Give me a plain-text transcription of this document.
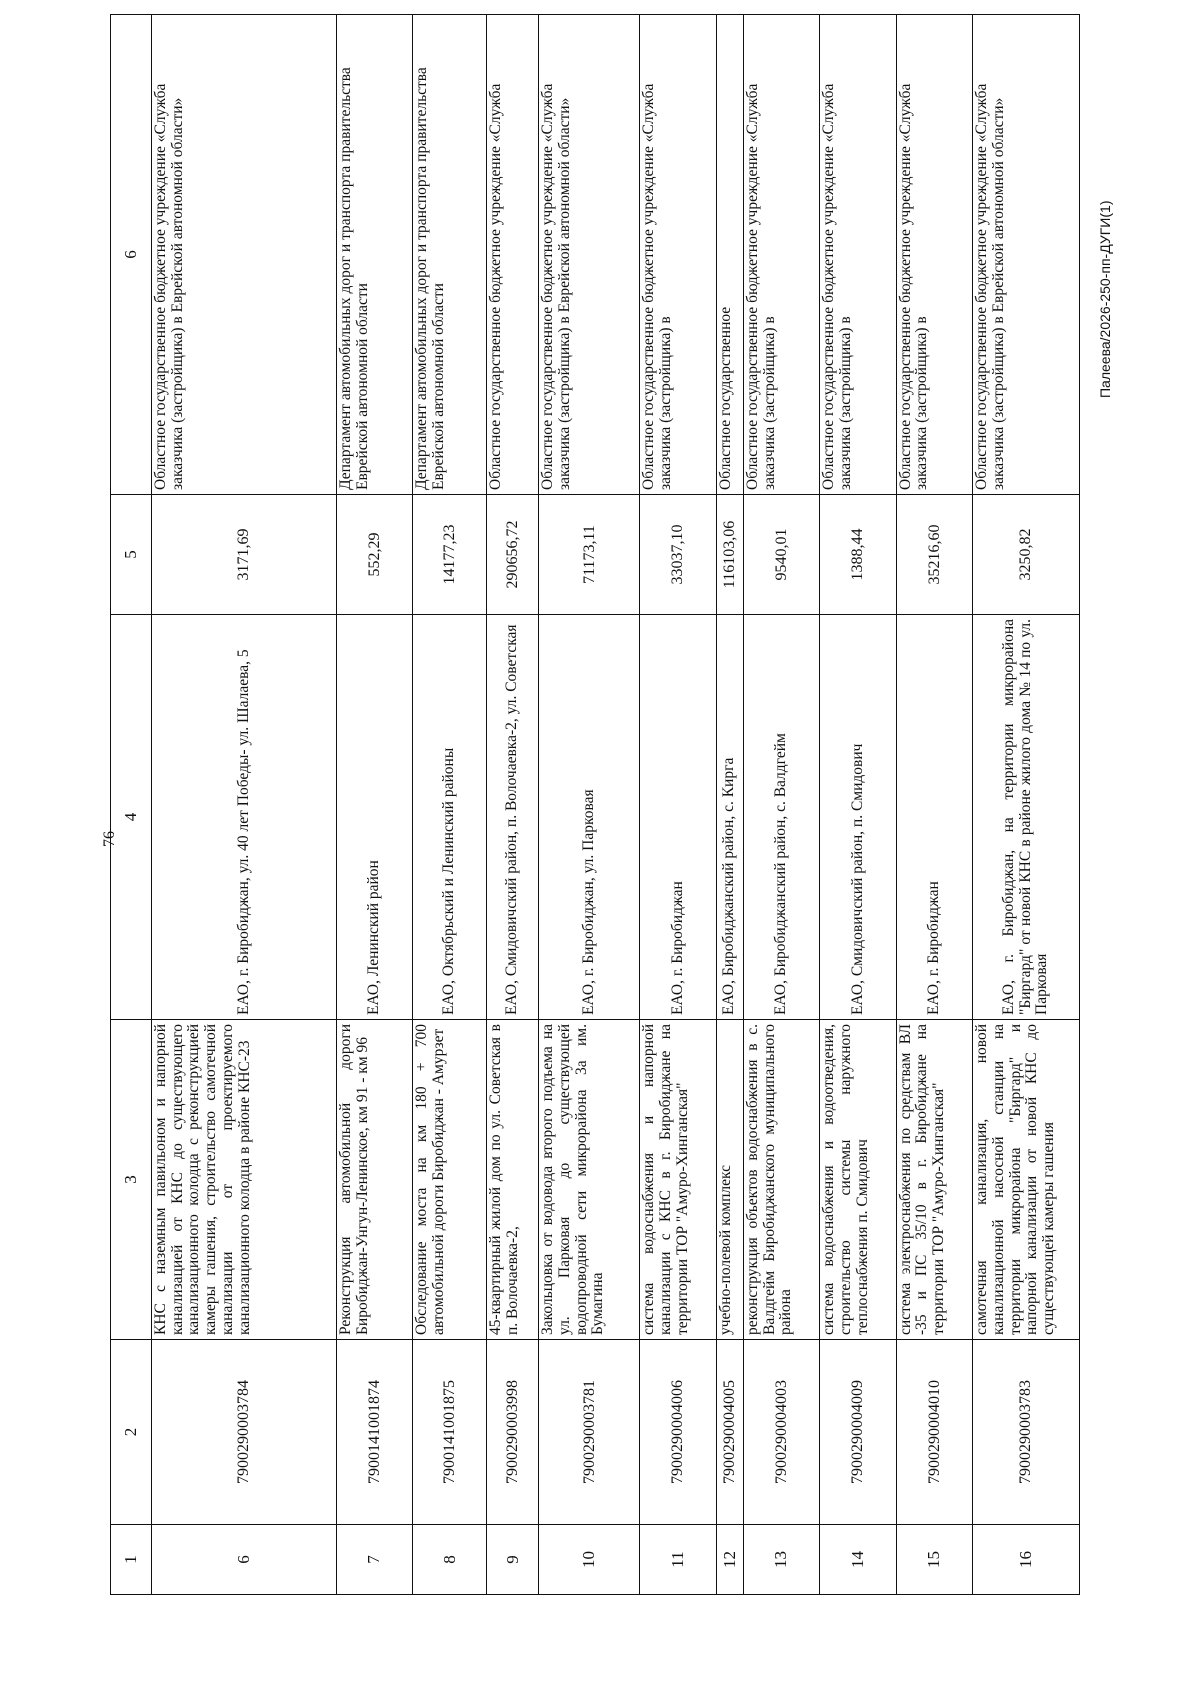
76
Палеева/2026-250-пп-ДУГИ(1)
1	2	3	4	5	6
6	7900290003784	КНС с наземным павильоном и напорной канализацией от КНС до существующего канализационного колодца с реконструкцией камеры гашения, строительство самотечной канализации от проектируемого канализационного колодца в районе КНС-23	ЕАО, г. Биробиджан, ул. 40 лет Победы- ул. Шалаева, 5	3171,69	Областное государственное бюджетное учреждение «Служба заказчика (застройщика) в Еврейской автономной области»
7	7900141001874	Реконструкция автомобильной дороги Биробиджан-Унгун-Ленинское, км 91 - км 96	ЕАО, Ленинский район	552,29	Департамент автомобильных дорог и транспорта правительства Еврейской автономной области
8	7900141001875	Обследование моста на км 180 + 700 автомобильной дороги Биробиджан - Амурзет	ЕАО, Октябрьский и Ленинский районы	14177,23	Департамент автомобильных дорог и транспорта правительства Еврейской автономной области
9	7900290003998	45-квартирный жилой дом по ул. Советская в п. Волочаевка-2,	ЕАО, Смидовичский район, п. Волочаевка-2, ул. Советская	290656,72	Областное государственное бюджетное учреждение «Служба
10	7900290003781	Закольцовка от водовода второго подъема на ул. Парковая до существующей водопроводной сети микрорайона 3а им. Бумагина	ЕАО, г. Биробиджан, ул. Парковая	71173,11	Областное государственное бюджетное учреждение «Служба заказчика (застройщика) в Еврейской автономной области»
11	7900290004006	система водоснабжения и напорной канализации с КНС в г. Биробиджане на территории ТОР "Амуро-Хинганская"	ЕАО, г. Биробиджан	33037,10	Областное государственное бюджетное учреждение «Служба заказчика (застройщика) в
12	7900290004005	учебно-полевой комплекс	ЕАО, Биробиджанский район, с. Кирга	116103,06	Областное государственное
13	7900290004003	реконструкция объектов водоснабжения в с. Валдгейм Биробиджанского муниципального района	ЕАО, Биробиджанский район, с. Валдгейм	9540,01	Областное государственное бюджетное учреждение «Служба заказчика (застройщика) в
14	7900290004009	система водоснабжения и водоотведения, строительство системы наружного теплоснабжения п. Смидович	ЕАО, Смидовичский район, п. Смидович	1388,44	Областное государственное бюджетное учреждение «Служба заказчика (застройщика) в
15	7900290004010	система электроснабжения по средствам ВЛ -35 и ПС 35/10 в г. Биробиджане на территории ТОР "Амуро-Хинганская"	ЕАО, г. Биробиджан	35216,60	Областное государственное бюджетное учреждение «Служба заказчика (застройщика) в
16	7900290003783	самотечная канализация, новой канализационной насосной станции на территории микрорайона "Биргард" и напорной канализации от новой КНС до существующей камеры гашения	ЕАО, г. Биробиджан, на территории микрорайона "Биргард" от новой КНС в районе жилого дома № 14 по ул. Парковая	3250,82	Областное государственное бюджетное учреждение «Служба заказчика (застройщика) в Еврейской автономной области»
